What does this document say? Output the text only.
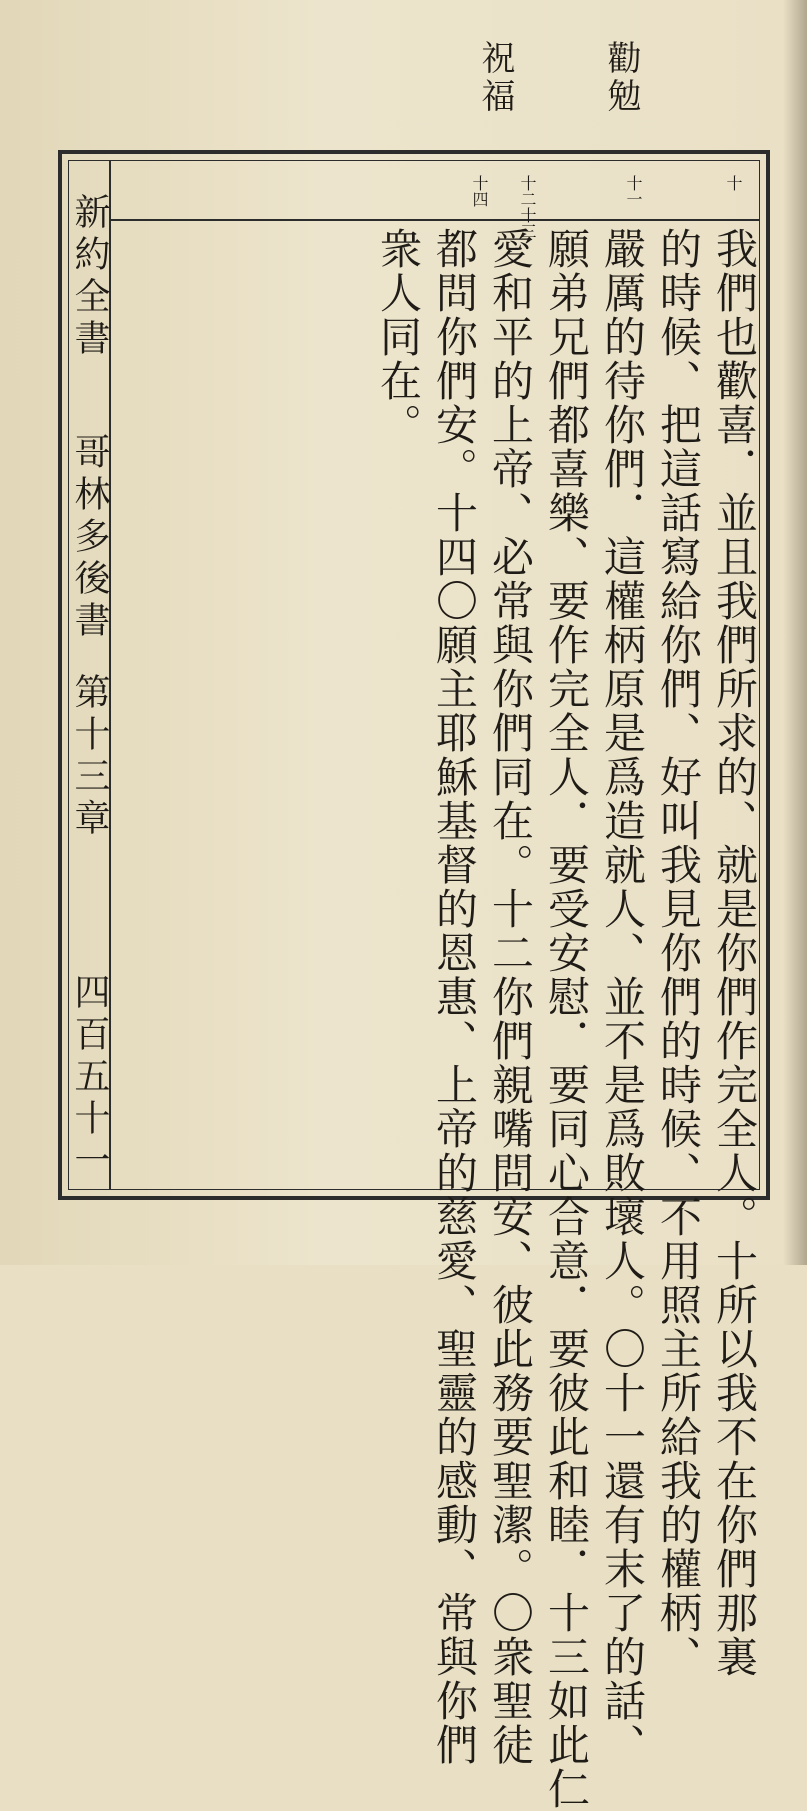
祝福	勸勉
新約全書
哥林多後書
第十三章
四百五十一
十
十一
十二十三
十四
我們也歡喜．並且我們所求的、就是你們作完全人。十所以我不在你們那裏
的時候、把這話寫給你們、好叫我見你們的時候、不用照主所給我的權柄、
嚴厲的待你們．這權柄原是爲造就人、並不是爲敗壞人。〇十一還有末了的話、
願弟兄們都喜樂、要作完全人．要受安慰．要同心合意．要彼此和睦．十三如此仁
愛和平的上帝、必常與你們同在。十二你們親嘴問安、彼此務要聖潔。〇衆聖徒
都問你們安。十四〇願主耶穌基督的恩惠、上帝的慈愛、聖靈的感動、常與你們
衆人同在。
